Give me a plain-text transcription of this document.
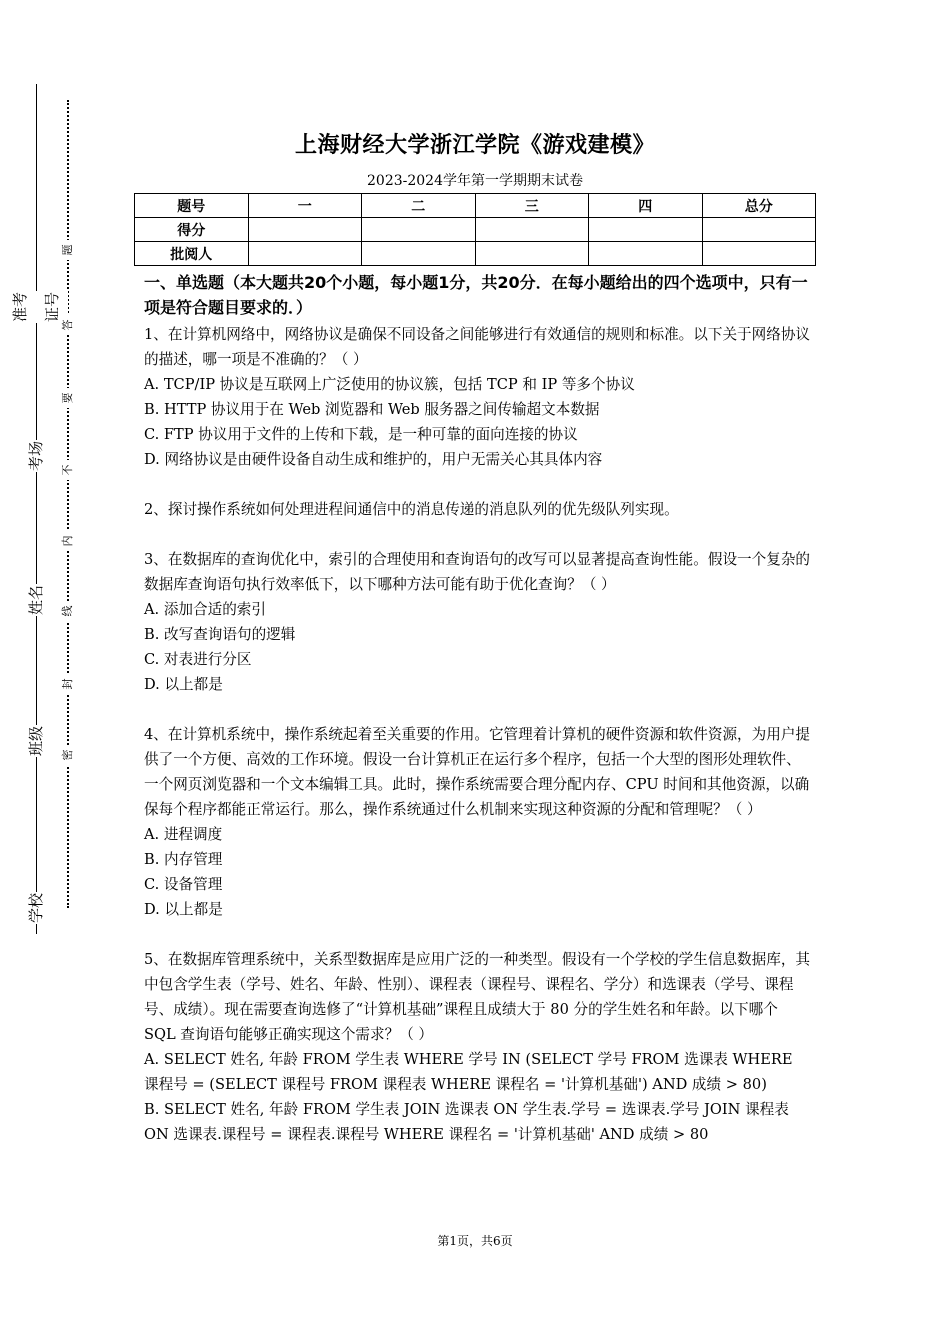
准考证号
考场
姓名
班级
学校
题
答
要
不
内
线
封
密
上海财经大学浙江学院《游戏建模》
2023-2024学年第一学期期末试卷
题号	一	二	三	四	总分
得分					
批阅人					
一、单选题（本大题共20个小题，每小题1分，共20分．在每小题给出的四个选项中，只有一项是符合题目要求的．）

1、在计算机网络中，网络协议是确保不同设备之间能够进行有效通信的规则和标准。以下关于网络协议的描述，哪一项是不准确的？（ ）

A. TCP/IP 协议是互联网上广泛使用的协议簇，包括 TCP 和 IP 等多个协议

B. HTTP 协议用于在 Web 浏览器和 Web 服务器之间传输超文本数据

C. FTP 协议用于文件的上传和下载，是一种可靠的面向连接的协议

D. 网络协议是由硬件设备自动生成和维护的，用户无需关心其具体内容

2、探讨操作系统如何处理进程间通信中的消息传递的消息队列的优先级队列实现。

3、在数据库的查询优化中，索引的合理使用和查询语句的改写可以显著提高查询性能。假设一个复杂的数据库查询语句执行效率低下，以下哪种方法可能有助于优化查询？（ ）

A. 添加合适的索引

B. 改写查询语句的逻辑

C. 对表进行分区

D. 以上都是

4、在计算机系统中，操作系统起着至关重要的作用。它管理着计算机的硬件资源和软件资源，为用户提供了一个方便、高效的工作环境。假设一台计算机正在运行多个程序，包括一个大型的图形处理软件、一个网页浏览器和一个文本编辑工具。此时，操作系统需要合理分配内存、CPU 时间和其他资源，以确保每个程序都能正常运行。那么，操作系统通过什么机制来实现这种资源的分配和管理呢？（ ）

A. 进程调度

B. 内存管理

C. 设备管理

D. 以上都是

5、在数据库管理系统中，关系型数据库是应用广泛的一种类型。假设有一个学校的学生信息数据库，其中包含学生表（学号、姓名、年龄、性别）、课程表（课程号、课程名、学分）和选课表（学号、课程号、成绩）。现在需要查询选修了“计算机基础”课程且成绩大于 80 分的学生姓名和年龄。以下哪个 SQL 查询语句能够正确实现这个需求？（ ）

A. SELECT 姓名, 年龄 FROM 学生表 WHERE 学号 IN (SELECT 学号 FROM 选课表 WHERE 课程号 = (SELECT 课程号 FROM 课程表 WHERE 课程名 = '计算机基础') AND 成绩 > 80)

B. SELECT 姓名, 年龄 FROM 学生表 JOIN 选课表 ON 学生表.学号 = 选课表.学号 JOIN 课程表 ON 选课表.课程号 = 课程表.课程号 WHERE 课程名 = '计算机基础' AND 成绩 > 80

第1页，共6页
